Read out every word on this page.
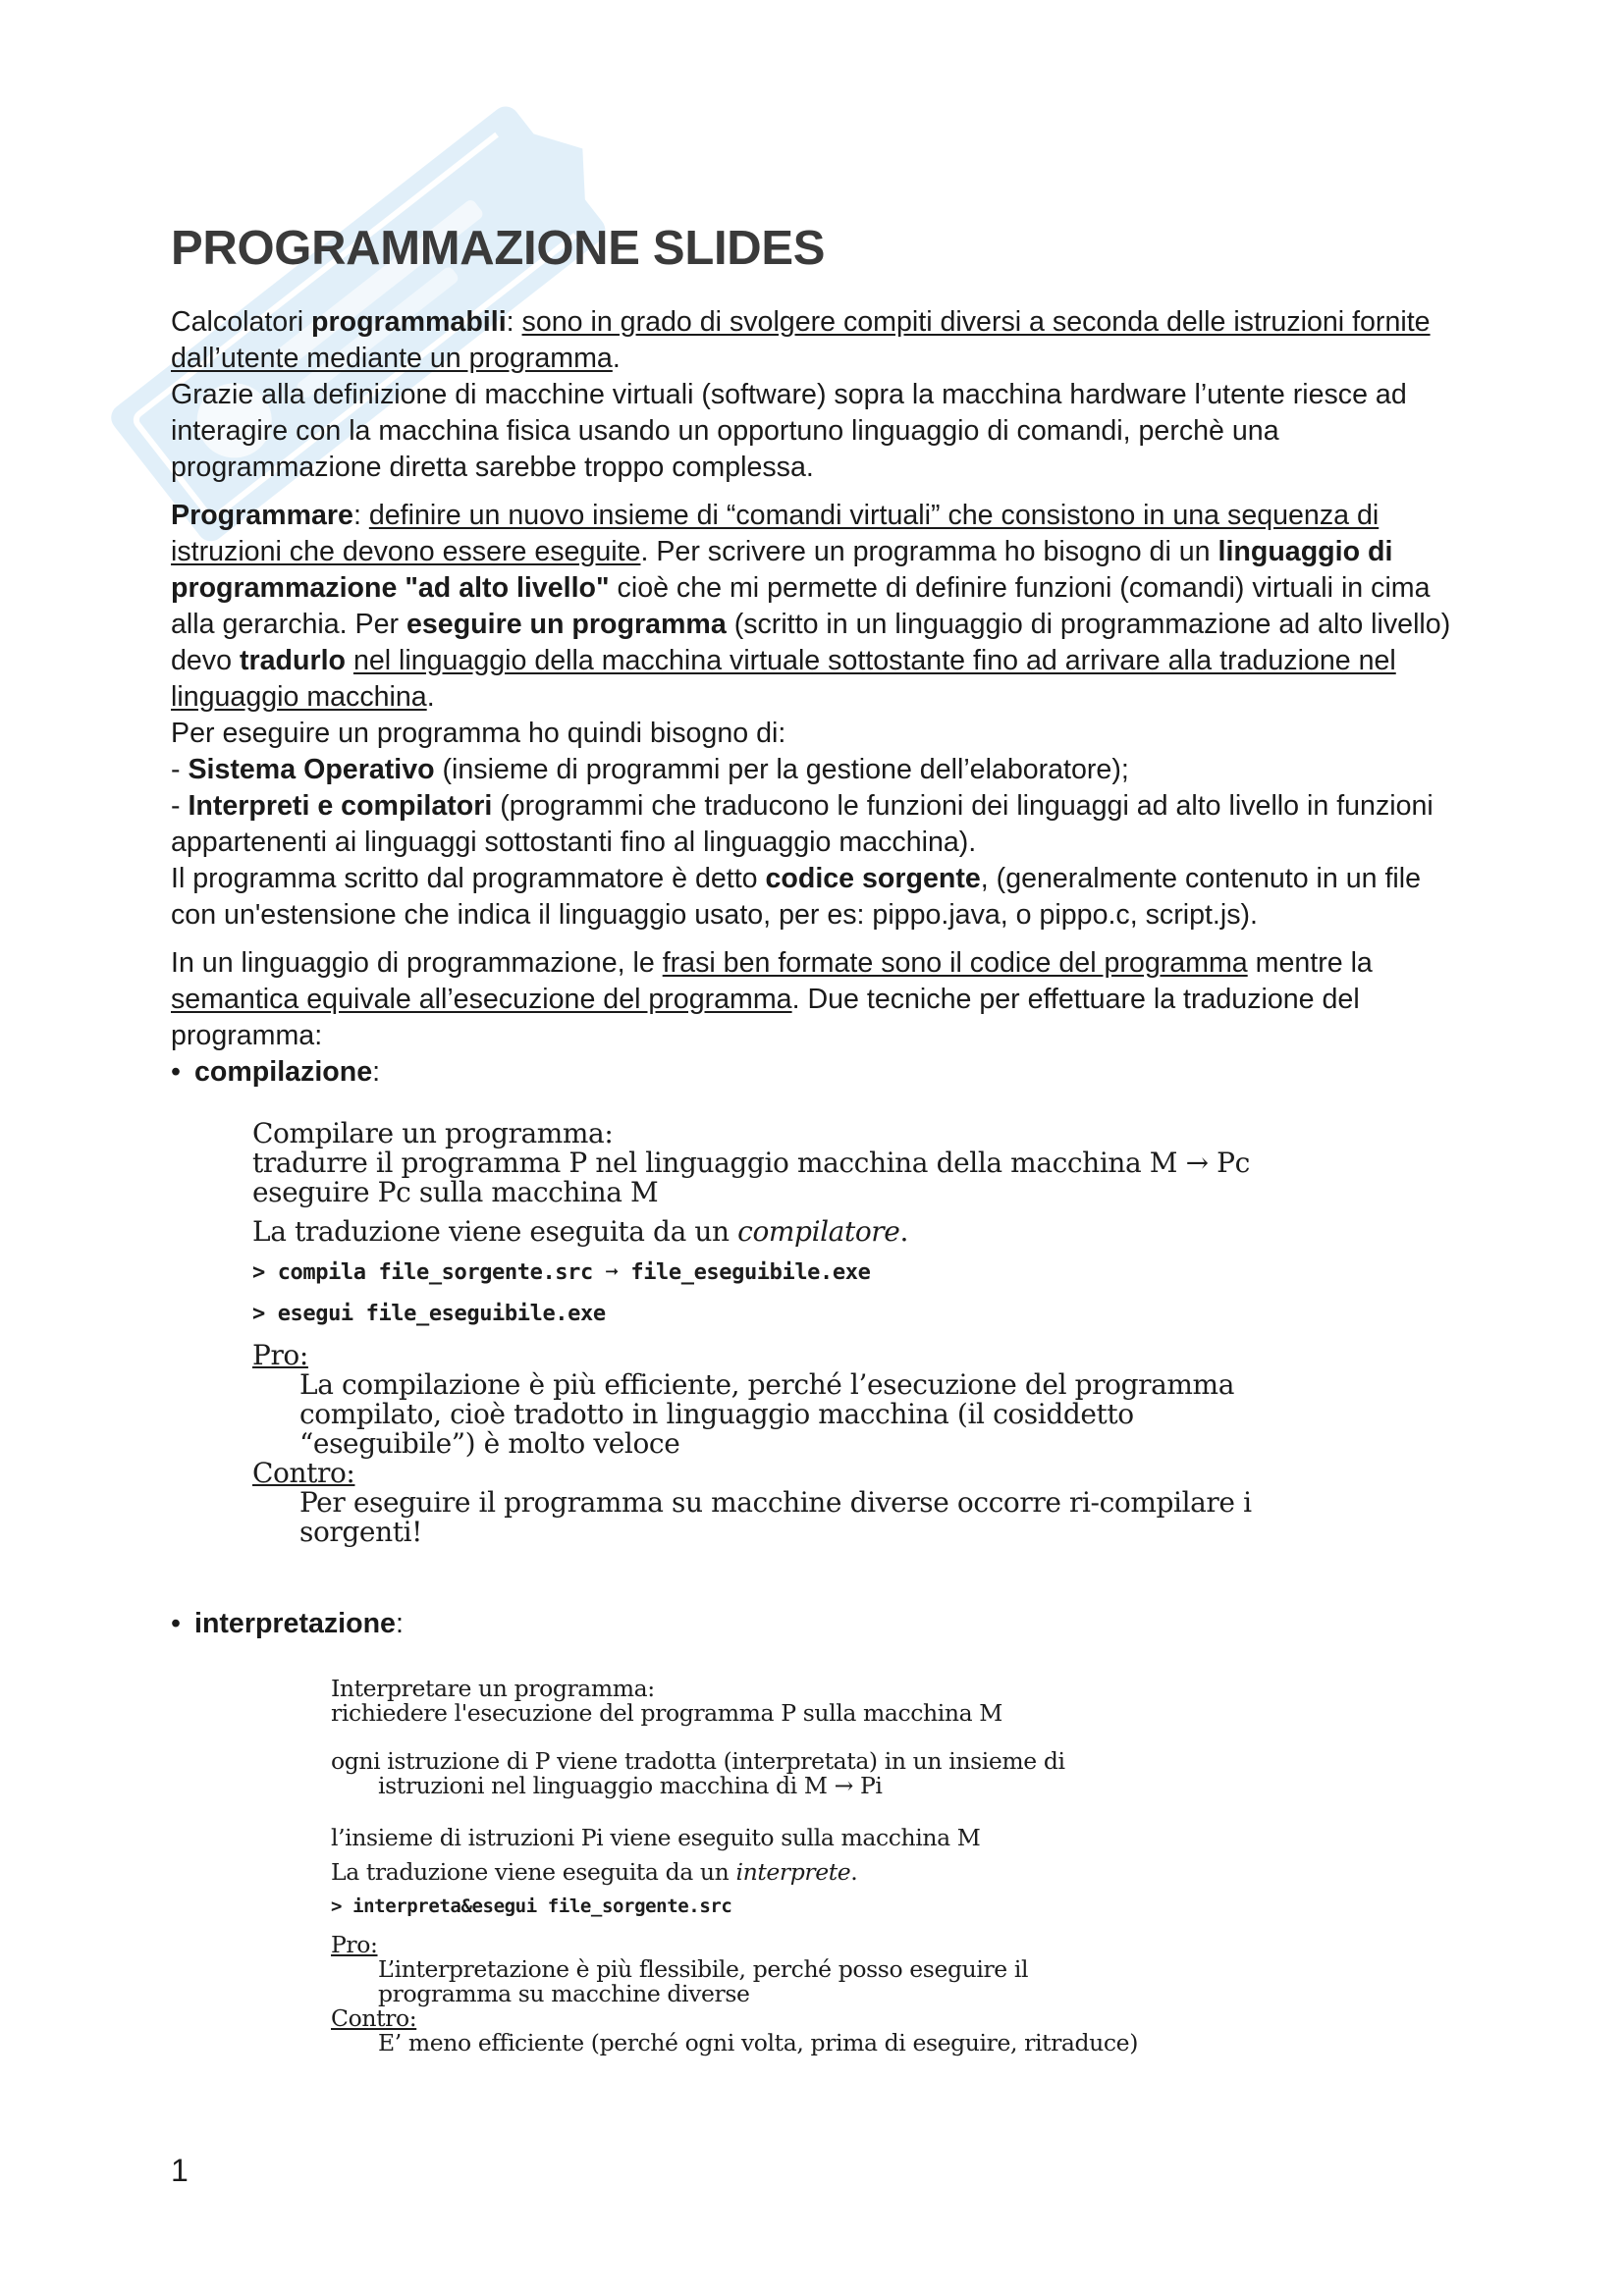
PROGRAMMAZIONE SLIDES

Calcolatori programmabili: sono in grado di svolgere compiti diversi a seconda delle istruzioni fornite dall’utente mediante un programma.

Grazie alla definizione di macchine virtuali (software) sopra la macchina hardware l’utente riesce ad interagire con la macchina fisica usando un opportuno linguaggio di comandi, perchè una programmazione diretta sarebbe troppo complessa.

Programmare: definire un nuovo insieme di “comandi virtuali” che consistono in una sequenza di istruzioni che devono essere eseguite. Per scrivere un programma ho bisogno di un linguaggio di programmazione "ad alto livello" cioè che mi permette di definire funzioni (comandi) virtuali in cima alla gerarchia. Per eseguire un programma (scritto in un linguaggio di programmazione ad alto livello) devo tradurlo nel linguaggio della macchina virtuale sottostante fino ad arrivare alla traduzione nel linguaggio macchina.

Per eseguire un programma ho quindi bisogno di:

- Sistema Operativo (insieme di programmi per la gestione dell’elaboratore);

- Interpreti e compilatori (programmi che traducono le funzioni dei linguaggi ad alto livello in funzioni appartenenti ai linguaggi sottostanti fino al linguaggio macchina).

Il programma scritto dal programmatore è detto codice sorgente, (generalmente contenuto in un file con un'estensione che indica il linguaggio usato, per es: pippo.java, o pippo.c, script.js).

In un linguaggio di programmazione, le frasi ben formate sono il codice del programma mentre la semantica equivale all’esecuzione del programma. Due tecniche per effettuare la traduzione del programma:

• compilazione:

• interpretazione:

Compilare un programma:
tradurre il programma P nel linguaggio macchina della macchina M → Pc
eseguire Pc sulla macchina M
La traduzione viene eseguita da un compilatore.
> compila file_sorgente.src ➞ file_eseguibile.exe
> esegui file_eseguibile.exe
Pro:
La compilazione è più efficiente, perché l’esecuzione del programma
compilato, cioè tradotto in linguaggio macchina (il cosiddetto
“eseguibile”) è molto veloce
Contro:
Per eseguire il programma su macchine diverse occorre ri-compilare i
sorgenti!
Interpretare un programma:
richiedere l'esecuzione del programma P sulla macchina M
ogni istruzione di P viene tradotta (interpretata) in un insieme di
istruzioni nel linguaggio macchina di M → Pi
l’insieme di istruzioni Pi viene eseguito sulla macchina M
La traduzione viene eseguita da un interprete.
> interpreta&esegui file_sorgente.src
Pro:
L’interpretazione è più flessibile, perché posso eseguire il
programma su macchine diverse
Contro:
E’ meno efficiente (perché ogni volta, prima di eseguire, ritraduce)
1
